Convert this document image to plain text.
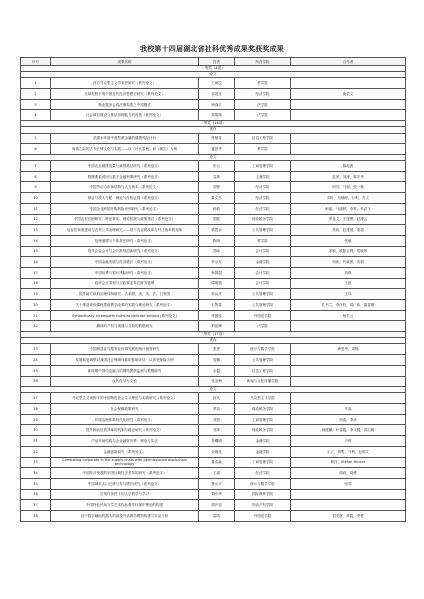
我校第十四届湖北省社科优秀成果奖获奖成果
序号	成果名称	作者	所在学院	合作者
一等奖（4项）				
论文				
1	西方马克思主义学术史研究（系列论文）	王雨辰	哲学院	
2	全球视野下的中国近代经济思想史研究（系列论文）	邹进文	经济学院	黄贝文
3	物业服务合同法律构造之中国模式	徐涤宇	法学院	
4	社会诚信建设与基层治理能力的再造（系列论文）	郑明璋	法学院	
二等奖（16项）				
著作				
5	洪湖水环境中典型重金属的健康风险评价	张敏奇	信息工程学院	
6	商事之际的古今法律文化与实践——以《吕氏春秋》和《朝礼》为例	夏世华	哲学院	
论文				
7	中国农业碳排放量与减排路径研究（系列论文）	田云	工商管理学院	陈池波
8	数额要素适用与数字金融刑事研究（系列论文）	袁林	文澜学院	赵萍，刘涛，陈宗秀
9	中国劳动力市场结构与人力资本（系列论文）	刘铮	经济学院	何川，马丽，张一林
10	辩证与收入分配：理论与经验证据（系列论文）	董文杰	经济学院	刘叶，马楠婷，万利，苏文
11	中国企业跨国并购风险识别研究（系列论文）	杨波	经济学院	柯丽，马晓婷，李准，朱洪飞
12	中国农村贫困研究：特征事实、理论机理与政策建议（系列论文）	胡联	财政税务学院	罗良文，王建博，赵涛云
13	包容性制度建设与农村公共治理研究——基于农业税改革与村庄选举的视角	梁思金	公共管理学院	张伟，赵建国，梁超
14	伦理道德与个体责任研究（系列论文）	陶涛	哲学院	张敏
15	现代企业会计与会计准则创新研究（系列论文）	郑咏	会计学院	宋敏，欧阳吉利，郑晓彤
16	中国金融发展与经济增长（系列论文）	李小友	金融学院	何伟，代晓茜，田娟
17	中国信贷与银行风险研究（系列论文）	杨国超	会计学院	刘琪
18	政府会计准则与行政事业单位财务管理	谭明德	会计学院	王波
19	国外地方政府治理体制研究：古希腊、美、英、法、日等国	郭兵文	公共管理学院	王琰
20	关于推进高校课程思政教学改革的实践与理论研究（系列论文）	石智雷	公共管理学院	孔书兰，李红权，周广伟，胡雷德
21	Syntactically incomplete turns as delicate actions (系列论文)	许国欣	外国语学院	杨若云
22	翻译的产权与流通与交易的数据研究	刘征峰	法学院	
三等奖（17项）				
著作				
23	中国制造业与服务业协调发展的统计测度研究	张虎	统计与数学学院	韩爱华，周楠
24	发展和复调整对我国社会保障体系的影响评估：以养老保险为例	詹鹏	公共管理学院	
25	新时期中国信息融合的网络舆情监测与预警研究	余磊	信息工程学院	
26	汉代经学与文论	张金梅	新闻与文化传播学院	
论文				
27	马克思主义视野下的中国特色社会主义理论与实践研究（系列论文）	邱凡	马克思主义学院	
28	社会保障政策研究	蔡洁	财政税务学院	安晶
29	环境治理体系现代化研究（系列论文）	邓恒	工商管理学院	何燕，李冰
30	提升税收征管效率的机制与路径研究（系列论文）	邓帅	财政税务学院	杨健鹏，叶雷霞，李文健，袁启明
31	产品市场结构与企业融资决策：理论与实证	李曙明	金融学院	尹恒
32	金融创新研究（系列论文）	余明桂	金融学院	王立，刘隽，马利，赵国文
33	Combating corporate in the supply chain with permissioned blockchain technology	董希淼	工商管理学院	杨洋，Stefan Minner
34	中国经济发展的中国区域经济差异的研究（系列论文）	王丽	经济学院	周莉，周俊
35	中国城市人口迁移分布与增长研究（系列论文）	鲁元平	统计与数学学院	张雪
36	后现代条件下的大学教学与学习	刘小华	国际教育学院	
37	中国特色民间文学艺术作品著作权保护理论的构建	胡开忠	知识产权学院	
38	基于数字辅助机器人的高校外语教学模型构建与实证分析	雷鸣	外国语学院	刘光辉，常霞，李哲
